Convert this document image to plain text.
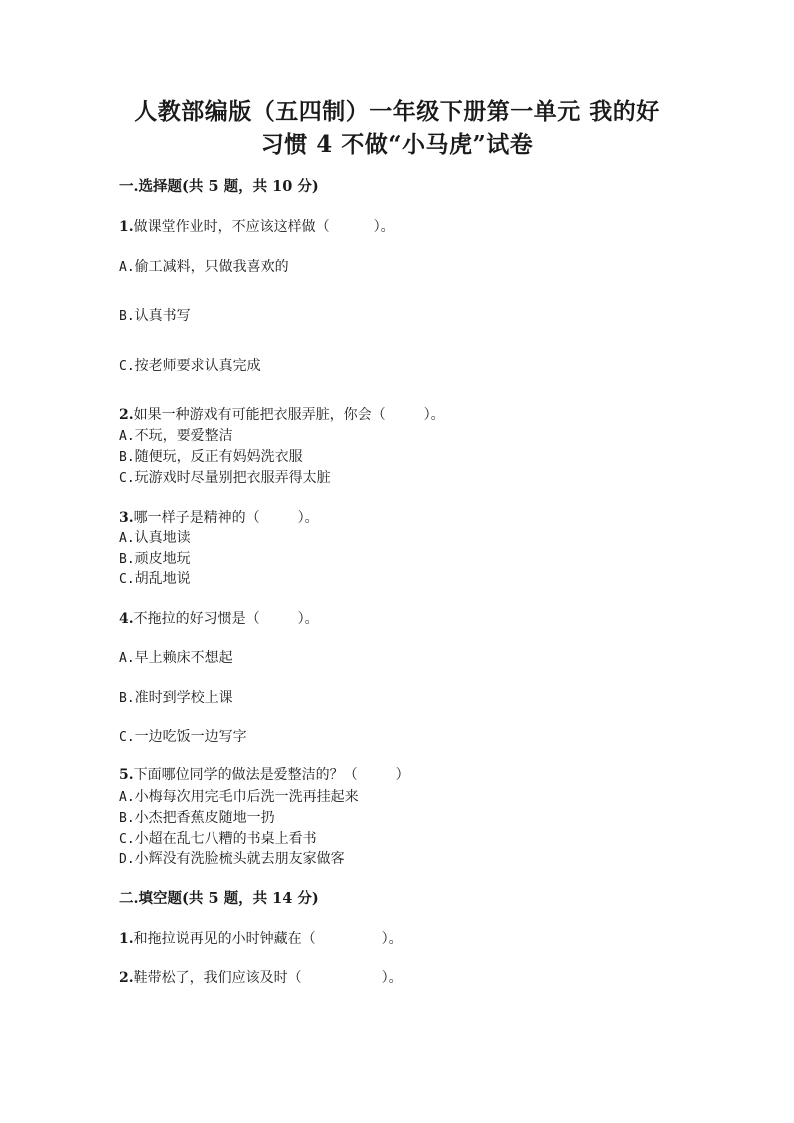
人教部编版（五四制）一年级下册第一单元 我的好
习惯 4 不做“小马虎”试卷
一.选择题(共 5 题，共 10 分)
1.做课堂作业时，不应该这样做（	）。
A.偷工减料，只做我喜欢的
B.认真书写
C.按老师要求认真完成
2.如果一种游戏有可能把衣服弄脏，你会（	）。
A.不玩，要爱整洁
B.随便玩，反正有妈妈洗衣服
C.玩游戏时尽量别把衣服弄得太脏
3.哪一样子是精神的（	）。
A.认真地读
B.顽皮地玩
C.胡乱地说
4.不拖拉的好习惯是（	）。
A.早上赖床不想起
B.准时到学校上课
C.一边吃饭一边写字
5.下面哪位同学的做法是爱整洁的？（	）
A.小梅每次用完毛巾后洗一洗再挂起来
B.小杰把香蕉皮随地一扔
C.小超在乱七八糟的书桌上看书
D.小辉没有洗脸梳头就去朋友家做客
二.填空题(共 5 题，共 14 分)
1.和拖拉说再见的小时钟藏在（	）。
2.鞋带松了，我们应该及时（	）。
